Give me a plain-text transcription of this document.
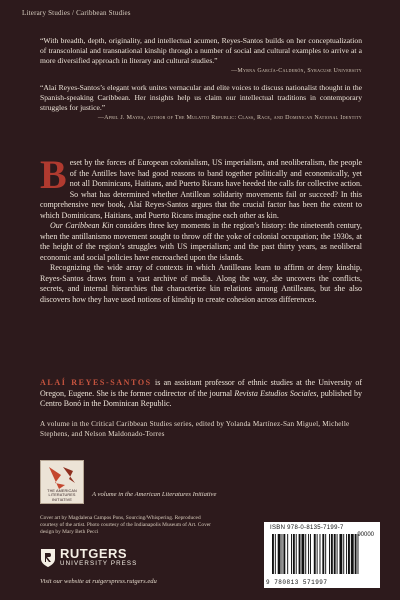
Literary Studies / Caribbean Studies
“With breadth, depth, originality, and intellectual acumen, Reyes-Santos builds on her conceptualization of transcolonial and transnational kinship through a number of social and cultural examples to arrive at a more diversified approach in literary and cultural studies.”
—Myrna García-Calderón, Syracuse University
“Alaí Reyes-Santos’s elegant work unites vernacular and elite voices to discuss nationalist thought in the Spanish-speaking Caribbean. Her insights help us claim our intellectual traditions in contemporary struggles for justice.”
—April J. Mayes, author of The Mulatto Republic: Class, Race, and Dominican National Identity

Beset by the forces of European colonialism, US imperialism, and neoliberalism, the people of the Antilles have had good reasons to band together politically and economically, yet not all Dominicans, Haitians, and Puerto Ricans have heeded the calls for collective action. So what has determined whether Antillean solidarity movements fail or succeed? In this comprehensive new book, Alaí Reyes-Santos argues that the crucial factor has been the extent to which Dominicans, Haitians, and Puerto Ricans imagine each other as kin.

Our Caribbean Kin considers three key moments in the region’s history: the nineteenth century, when the antillanismo movement sought to throw off the yoke of colonial occupation; the 1930s, at the height of the region’s struggles with US imperialism; and the past thirty years, as neoliberal economic and social policies have encroached upon the islands.

Recognizing the wide array of contexts in which Antilleans learn to affirm or deny kinship, Reyes-Santos draws from a vast archive of media. Along the way, she uncovers the conflicts, secrets, and internal hierarchies that characterize kin relations among Antilleans, but she also discovers how they have used notions of kinship to create cohesion across differences.

ALAÍ REYES-SANTOS is an assistant professor of ethnic studies at the University of Oregon, Eugene. She is the former codirector of the journal Revista Estudios Sociales, published by Centro Bonó in the Dominican Republic.
A volume in the Critical Caribbean Studies series, edited by Yolanda Martínez-San Miguel, Michelle Stephens, and Nelson Maldonado-Torres
THE AMERICAN LITERATURES INITIATIVE
A volume in the American Literatures Initiative
Cover art by Magdalena Campos Pons, Sourcing/Whispering. Reproduced courtesy of the artist. Photo courtesy of the Indianapolis Museum of Art. Cover design by Mary Beth Pecci
RUTGERS
UNIVERSITY PRESS
Visit our website at rutgerspress.rutgers.edu
ISBN 978-0-8135-7199-7
90000
9 780813 571997
